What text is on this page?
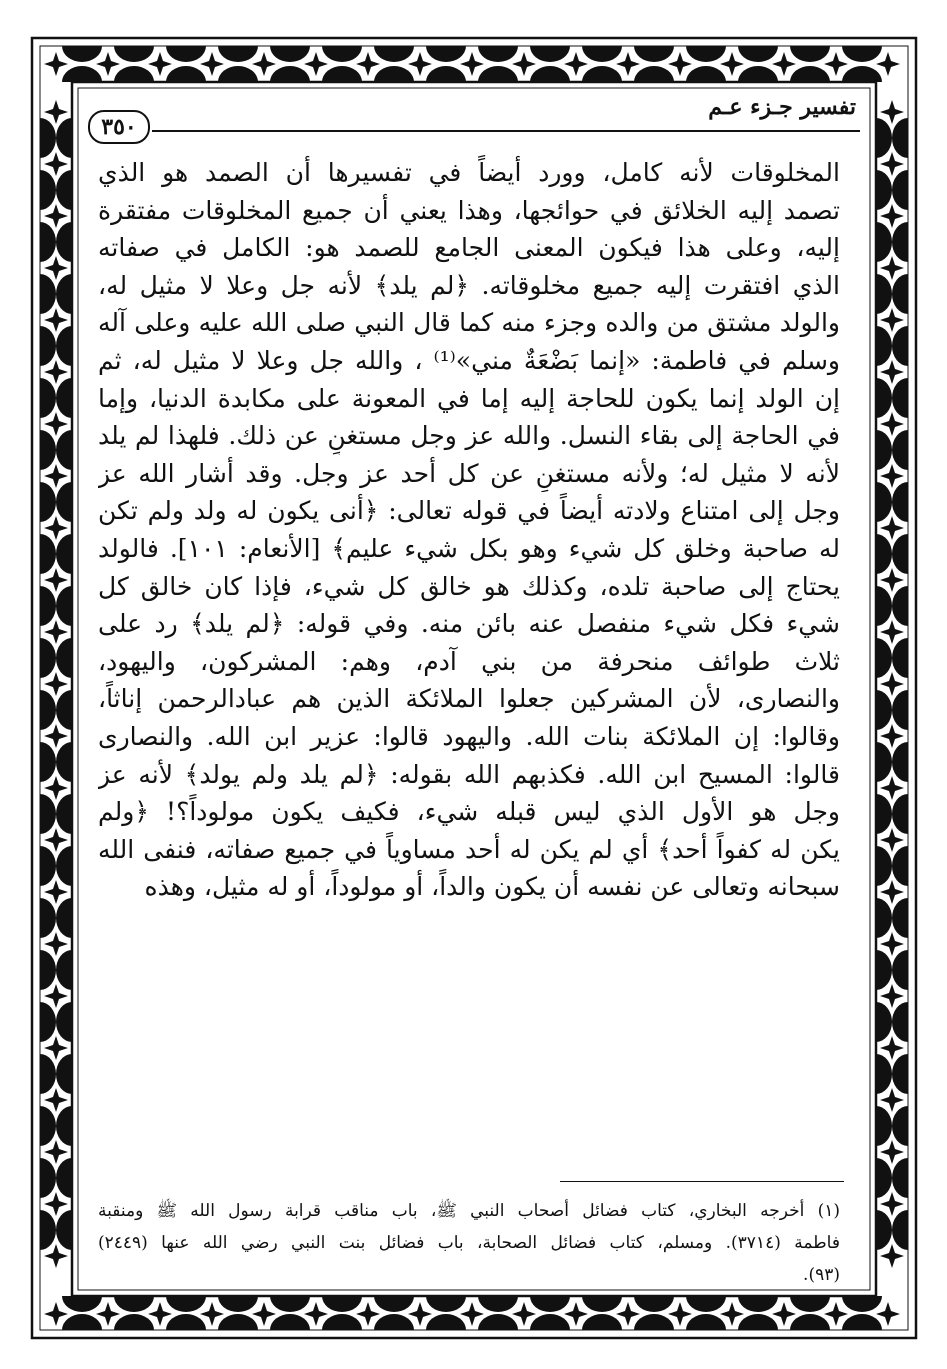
تفسير جـزء عـم
٣٥٠
المخلوقات لأنه كامل، وورد أيضاً في تفسيرها أن الصمد هو الذي
تصمد إليه الخلائق في حوائجها، وهذا يعني أن جميع المخلوقات مفتقرة
إليه، وعلى هذا فيكون المعنى الجامع للصمد هو: الكامل في صفاته
الذي افتقرت إليه جميع مخلوقاته. ﴿لم يلد﴾ لأنه جل وعلا لا مثيل له،
والولد مشتق من والده وجزء منه كما قال النبي صلى الله عليه وعلى آله
وسلم في فاطمة: «إنما بَضْعَةٌ مني»⁽¹⁾ ، والله جل وعلا لا مثيل له، ثم
إن الولد إنما يكون للحاجة إليه إما في المعونة على مكابدة الدنيا، وإما
في الحاجة إلى بقاء النسل. والله عز وجل مستغنٍ عن ذلك. فلهذا لم يلد
لأنه لا مثيل له؛ ولأنه مستغنٍ عن كل أحد عز وجل. وقد أشار الله عز
وجل إلى امتناع ولادته أيضاً في قوله تعالى: ﴿أنى يكون له ولد ولم تكن
له صاحبة وخلق كل شيء وهو بكل شيء عليم﴾ [الأنعام: ١٠١]. فالولد
يحتاج إلى صاحبة تلده، وكذلك هو خالق كل شيء، فإذا كان خالق كل
شيء فكل شيء منفصل عنه بائن منه. وفي قوله: ﴿لم يلد﴾ رد على
ثلاث طوائف منحرفة من بني آدم، وهم: المشركون، واليهود،
والنصارى، لأن المشركين جعلوا الملائكة الذين هم عبادالرحمن إناثاً،
وقالوا: إن الملائكة بنات الله. واليهود قالوا: عزير ابن الله. والنصارى
قالوا: المسيح ابن الله. فكذبهم الله بقوله: ﴿لم يلد ولم يولد﴾ لأنه عز
وجل هو الأول الذي ليس قبله شيء، فكيف يكون مولوداً؟! ﴿ولم
يكن له كفواً أحد﴾ أي لم يكن له أحد مساوياً في جميع صفاته، فنفى الله
سبحانه وتعالى عن نفسه أن يكون والداً، أو مولوداً، أو له مثيل، وهذه
(١) أخرجه البخاري، كتاب فضائل أصحاب النبي ﷺ، باب مناقب قرابة رسول الله ﷺ ومنقبة
فاطمة (٣٧١٤). ومسلم، كتاب فضائل الصحابة، باب فضائل بنت النبي رضي الله عنها (٢٤٤٩)
(٩٣).
